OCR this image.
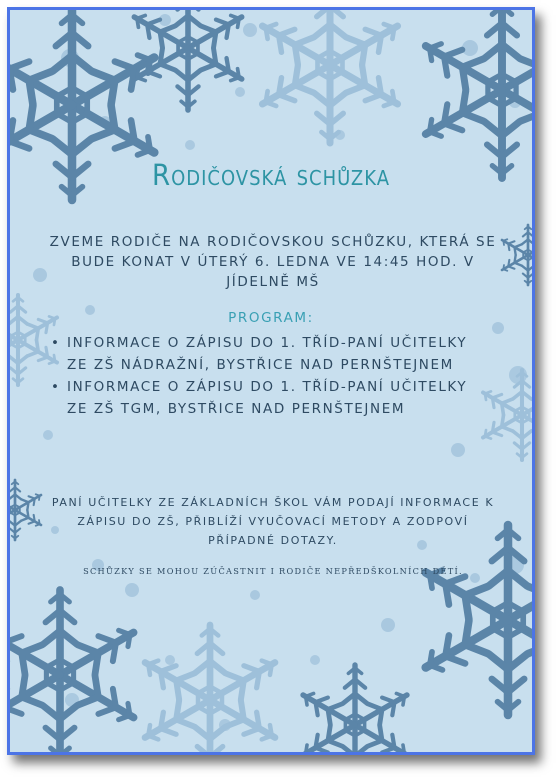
Rodičovská schůzka
ZVEME RODIČE NA RODIČOVSKOU SCHŮZKU, KTERÁ SE BUDE KONAT V ÚTERÝ 6. LEDNA VE 14:45 HOD. V JÍDELNĚ MŠ
PROGRAM:
• INFORMACE O ZÁPISU DO 1. TŘÍD-PANÍ UČITELKY ZE ZŠ NÁDRAŽNÍ, BYSTŘICE NAD PERNŠTEJNEM
• INFORMACE O ZÁPISU DO 1. TŘÍD-PANÍ UČITELKY ZE ZŠ TGM, BYSTŘICE NAD PERNŠTEJNEM
PANÍ UČITELKY ZE ZÁKLADNÍCH ŠKOL VÁM PODAJÍ INFORMACE K ZÁPISU DO ZŠ, PŘIBLÍŽÍ VYUČOVACÍ METODY A ZODPOVÍ PŘÍPADNÉ DOTAZY.
SCHŮZKY SE MOHOU ZÚČASTNIT I RODIČE NEPŘEDŠKOLNÍCH DĚTÍ.
